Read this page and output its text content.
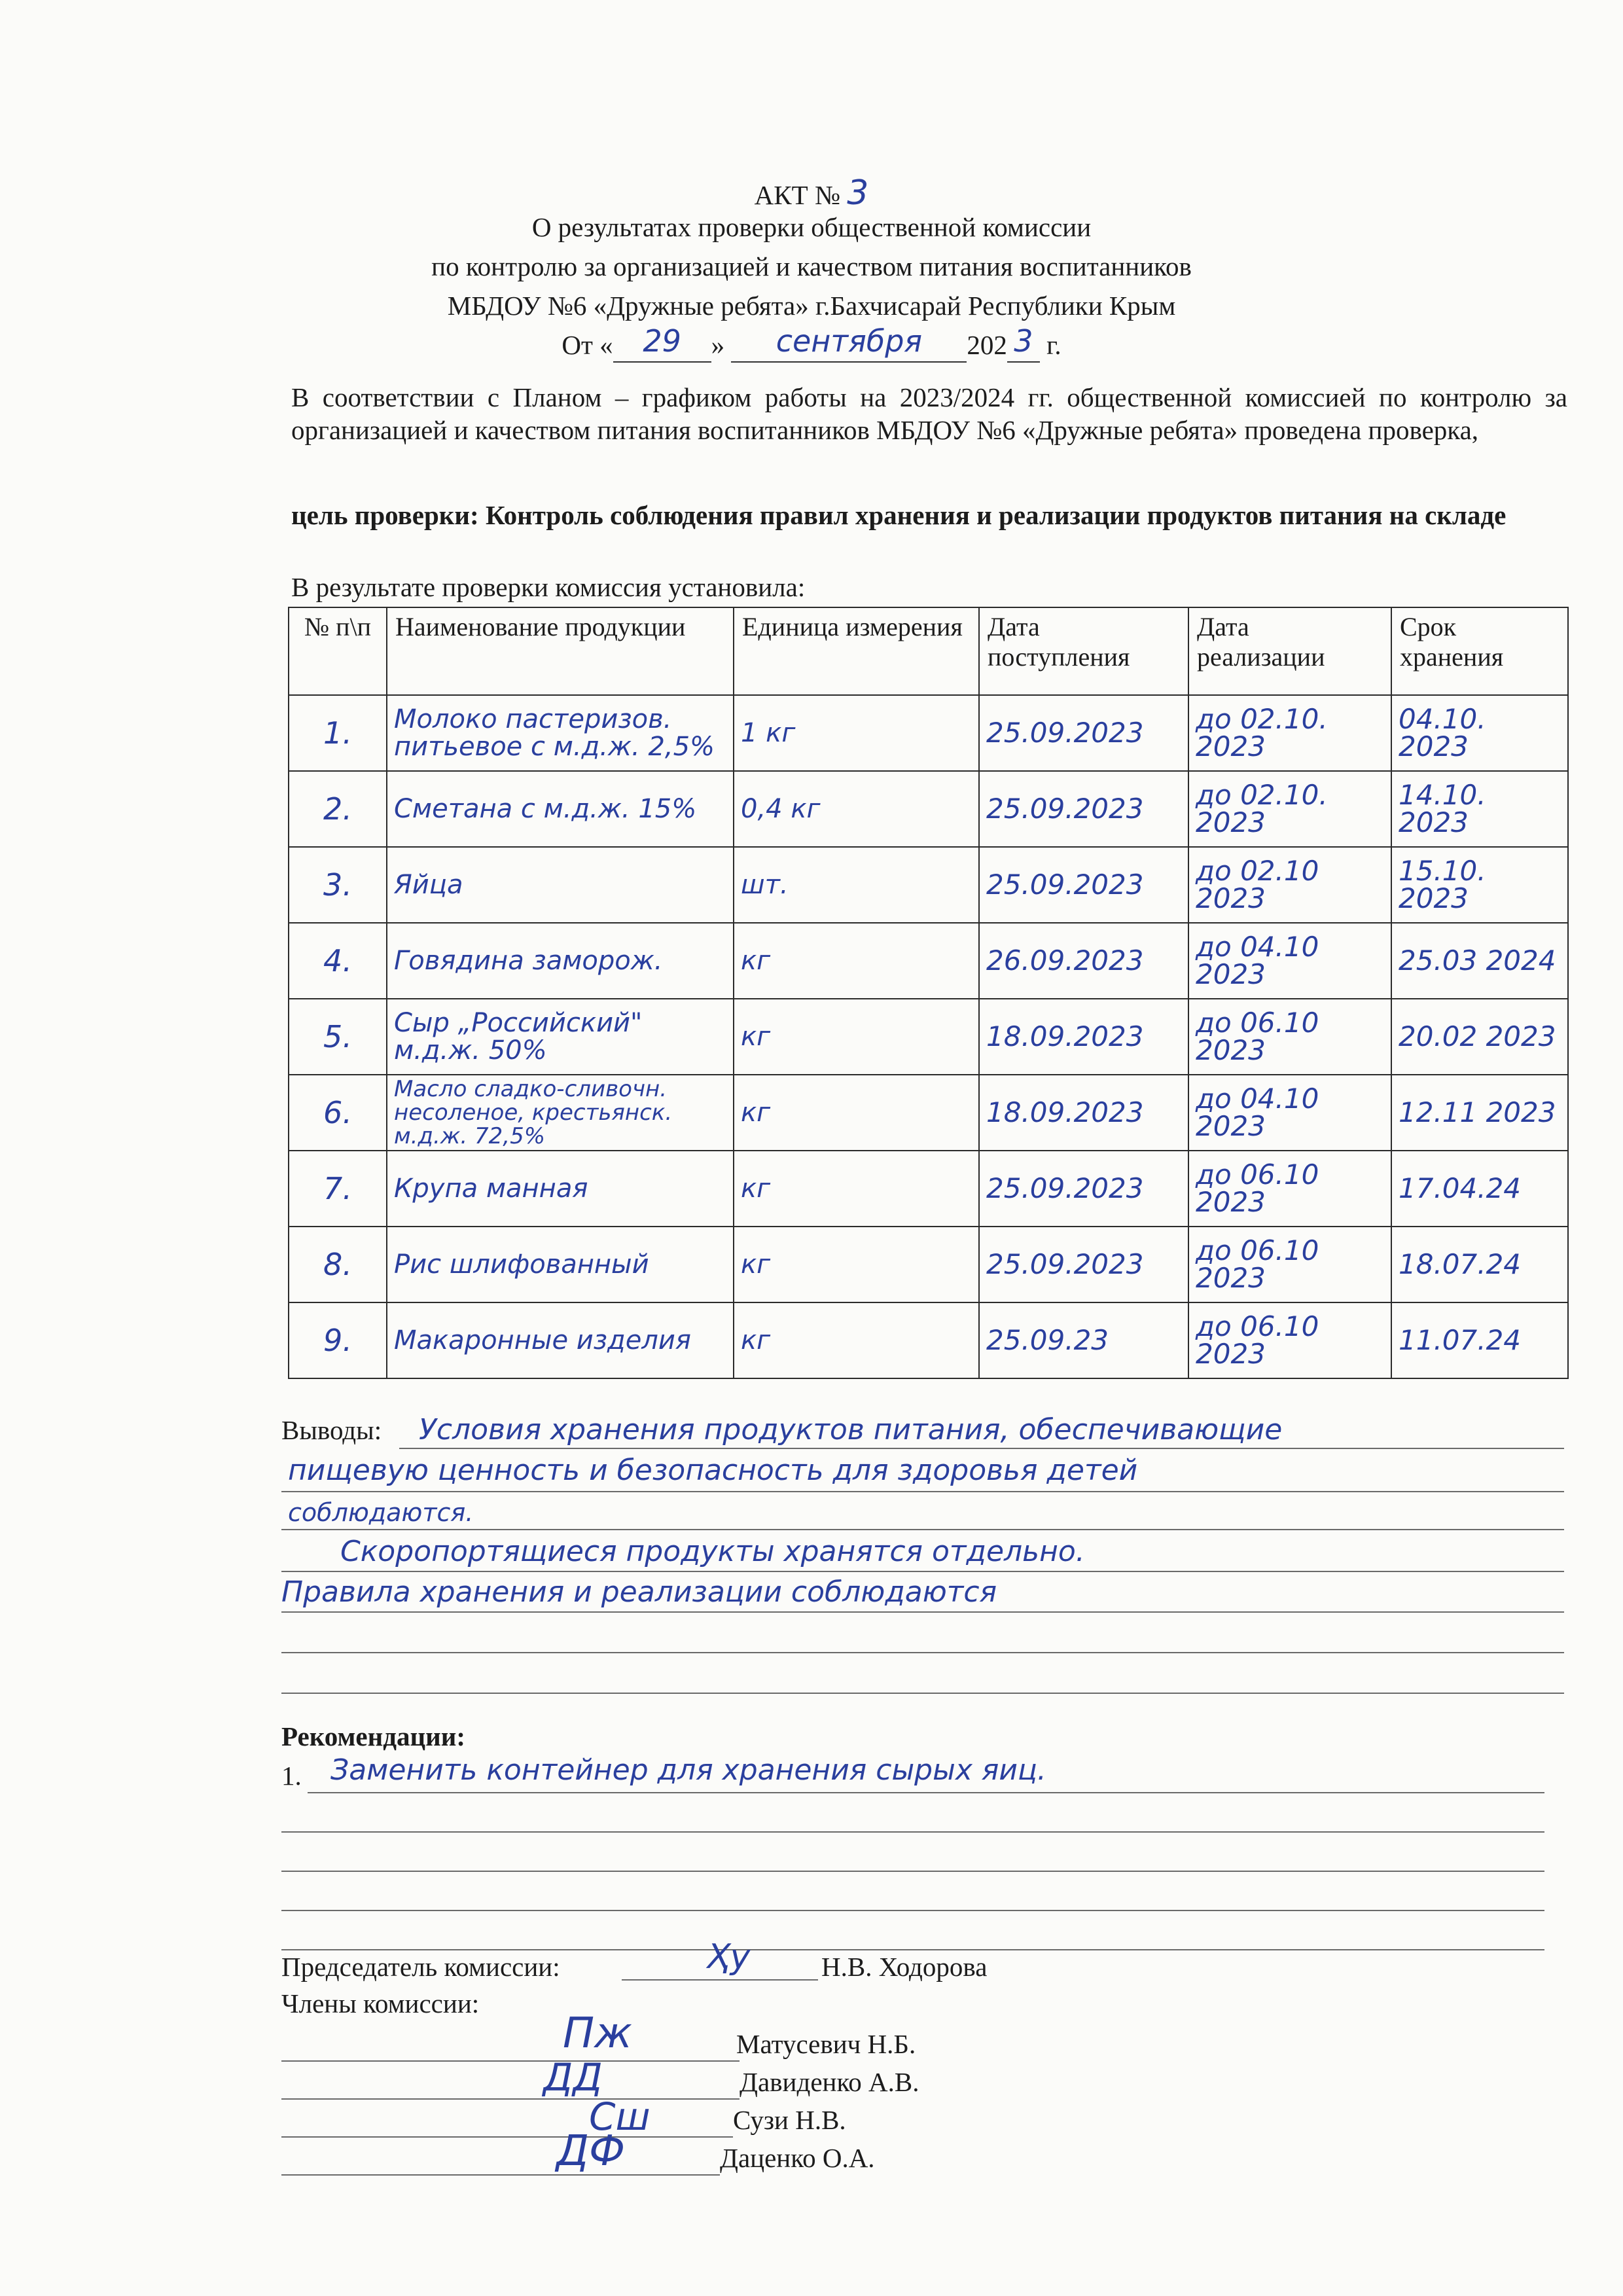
АКТ № 3
О результатах проверки общественной комиссии
по контролю за организацией и качеством питания воспитанников
МБДОУ №6 «Дружные ребята» г.Бахчисарай Республики Крым
От « 29 » сентября 202 3 г.
В соответствии с Планом – графиком работы на 2023/2024 гг. общественной комиссией по контролю за организацией и качеством питания воспитанников МБДОУ №6 «Дружные ребята» проведена проверка,
цель проверки: Контроль соблюдения правил хранения и реализации продуктов питания на складе
В результате проверки комиссия установила:
№ п\п	Наименование продукции	Единица измерения	Дата поступления	Дата реализации	Срок хранения

1.	Молоко пастеризов. питьевое с м.д.ж. 2,5%	1 кг	25.09.2023	до 02.10. 2023	04.10. 2023

2.	Сметана с м.д.ж. 15%	0,4 кг	25.09.2023	до 02.10. 2023	14.10. 2023

3.	Яйца	шт.	25.09.2023	до 02.10 2023	15.10. 2023

4.	Говядина заморож.	кг	26.09.2023	до 04.10 2023	25.03 2024

5.	Сыр „Российский" м.д.ж. 50%	кг	18.09.2023	до 06.10 2023	20.02 2023

6.	Масло сладко-сливочн. несоленое, крестьянск. м.д.ж. 72,5%	кг	18.09.2023	до 04.10 2023	12.11 2023

7.	Крупа манная	кг	25.09.2023	до 06.10 2023	17.04.24

8.	Рис шлифованный	кг	25.09.2023	до 06.10 2023	18.07.24

9.	Макаронные изделия	кг	25.09.23	до 06.10 2023	11.07.24
Выводы: Условия хранения продуктов питания, обеспечивающие
пищевую ценность и безопасность для здоровья детей
соблюдаются.
Скоропортящиеся продукты хранятся отдельно.
Правила хранения и реализации соблюдаются
Рекомендации:
1. Заменить контейнер для хранения сырых яиц.
Председатель комиссии:	Ҳу	Н.В. Ходорова
Члены комиссии:
Пж	Матусевич Н.Б.
ДД	Давиденко А.В.
Сш	Сузи Н.В.
ДФ	Даценко О.А.
